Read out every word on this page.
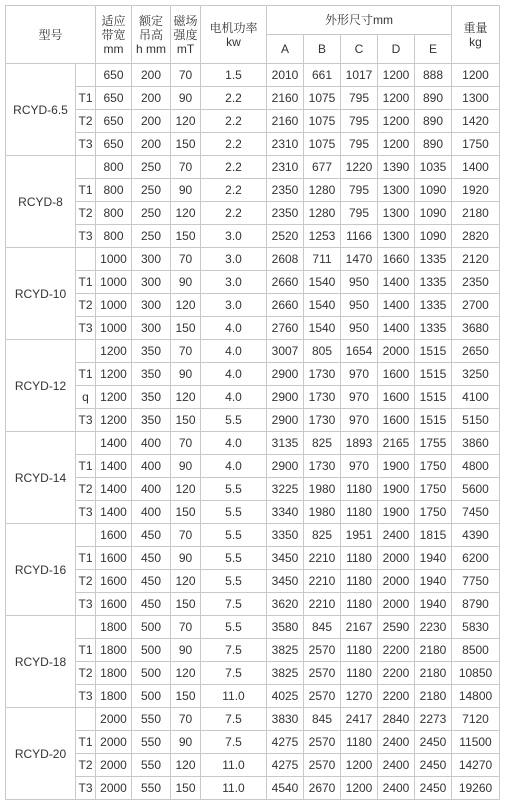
型号		适应
带宽
mm	额定
吊高
h mm	磁场
强度
mT	电机功率
kw	外形尺寸mm					重量
kg
						A	B	C	D	E	
RCYD-6.5		650	200	70	1.5	2010	661	1017	1200	888	1200
	T1	650	200	90	2.2	2160	1075	795	1200	890	1300
	T2	650	200	120	2.2	2160	1075	795	1200	890	1420
	T3	650	200	150	2.2	2310	1075	795	1200	890	1750
RCYD-8		800	250	70	2.2	2310	677	1220	1390	1035	1400
	T1	800	250	90	2.2	2350	1280	795	1300	1090	1920
	T2	800	250	120	2.2	2350	1280	795	1300	1090	2180
	T3	800	250	150	3.0	2520	1253	1166	1300	1090	2820
RCYD-10		1000	300	70	3.0	2608	711	1470	1660	1335	2120
	T1	1000	300	90	3.0	2660	1540	950	1400	1335	2350
	T2	1000	300	120	3.0	2660	1540	950	1400	1335	2700
	T3	1000	300	150	4.0	2760	1540	950	1400	1335	3680
RCYD-12		1200	350	70	4.0	3007	805	1654	2000	1515	2650
	T1	1200	350	90	4.0	2900	1730	970	1600	1515	3250
	q	1200	350	120	4.0	2900	1730	970	1600	1515	4100
	T3	1200	350	150	5.5	2900	1730	970	1600	1515	5150
RCYD-14		1400	400	70	4.0	3135	825	1893	2165	1755	3860
	T1	1400	400	90	4.0	2900	1730	970	1900	1750	4800
	T2	1400	400	120	5.5	3225	1980	1180	1900	1750	5600
	T3	1400	400	150	5.5	3340	1980	1180	1900	1750	7450
RCYD-16		1600	450	70	5.5	3350	825	1951	2400	1815	4390
	T1	1600	450	90	5.5	3450	2210	1180	2000	1940	6200
	T2	1600	450	120	5.5	3450	2210	1180	2000	1940	7750
	T3	1600	450	150	7.5	3620	2210	1180	2000	1940	8790
RCYD-18		1800	500	70	5.5	3580	845	2167	2590	2230	5830
	T1	1800	500	90	7.5	3825	2570	1180	2200	2180	8500
	T2	1800	500	120	7.5	3825	2570	1180	2200	2180	10850
	T3	1800	500	150	11.0	4025	2570	1270	2200	2180	14800
RCYD-20		2000	550	70	7.5	3830	845	2417	2840	2273	7120
	T1	2000	550	90	7.5	4275	2570	1180	2400	2450	11500
	T2	2000	550	120	11.0	4275	2570	1200	2400	2450	14270
	T3	2000	550	150	11.0	4540	2670	1200	2400	2450	19260
